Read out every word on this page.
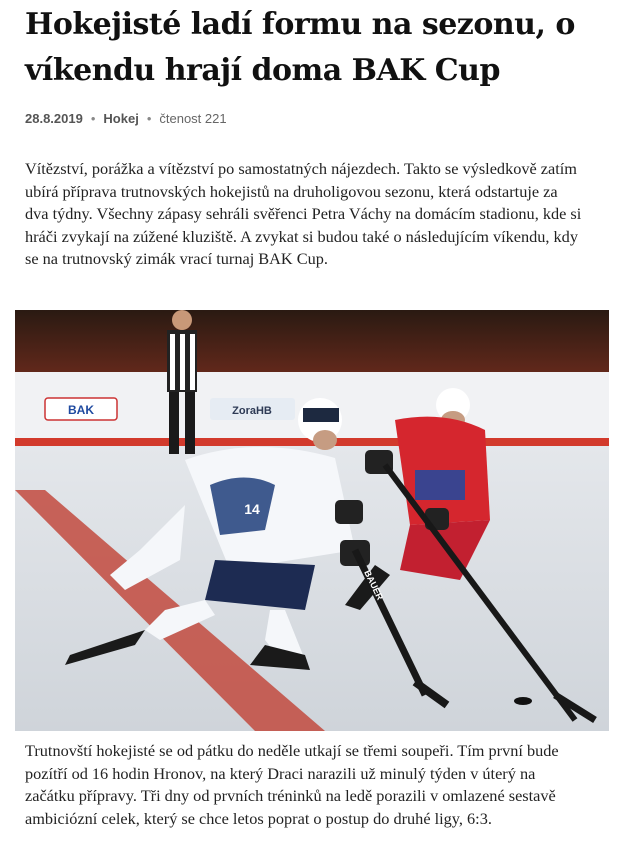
Hokejisté ladí formu na sezonu, o víkendu hrají doma BAK Cup
28.8.2019 • Hokej • čtenost 221

Vítězství, porážka a vítězství po samostatných nájezdech. Takto se výsledkově zatím ubírá příprava trutnovských hokejistů na druholigovou sezonu, která odstartuje za dva týdny. Všechny zápasy sehráli svěřenci Petra Váchy na domácím stadionu, kde si hráči zvykají na zúžené kluziště. A zvykat si budou také o následujícím víkendu, kdy se na trutnovský zimák vrací turnaj BAK Cup.

BAK	ZoraHB
14
BAUER

Trutnovští hokejisté se od pátku do neděle utkají se třemi soupeři. Tím první bude pozítří od 16 hodin Hronov, na který Draci narazili už minulý týden v úterý na začátku přípravy. Tři dny od prvních tréninků na ledě porazili v omlazené sestavě ambiciózní celek, který se chce letos poprat o postup do druhé ligy, 6:3.
